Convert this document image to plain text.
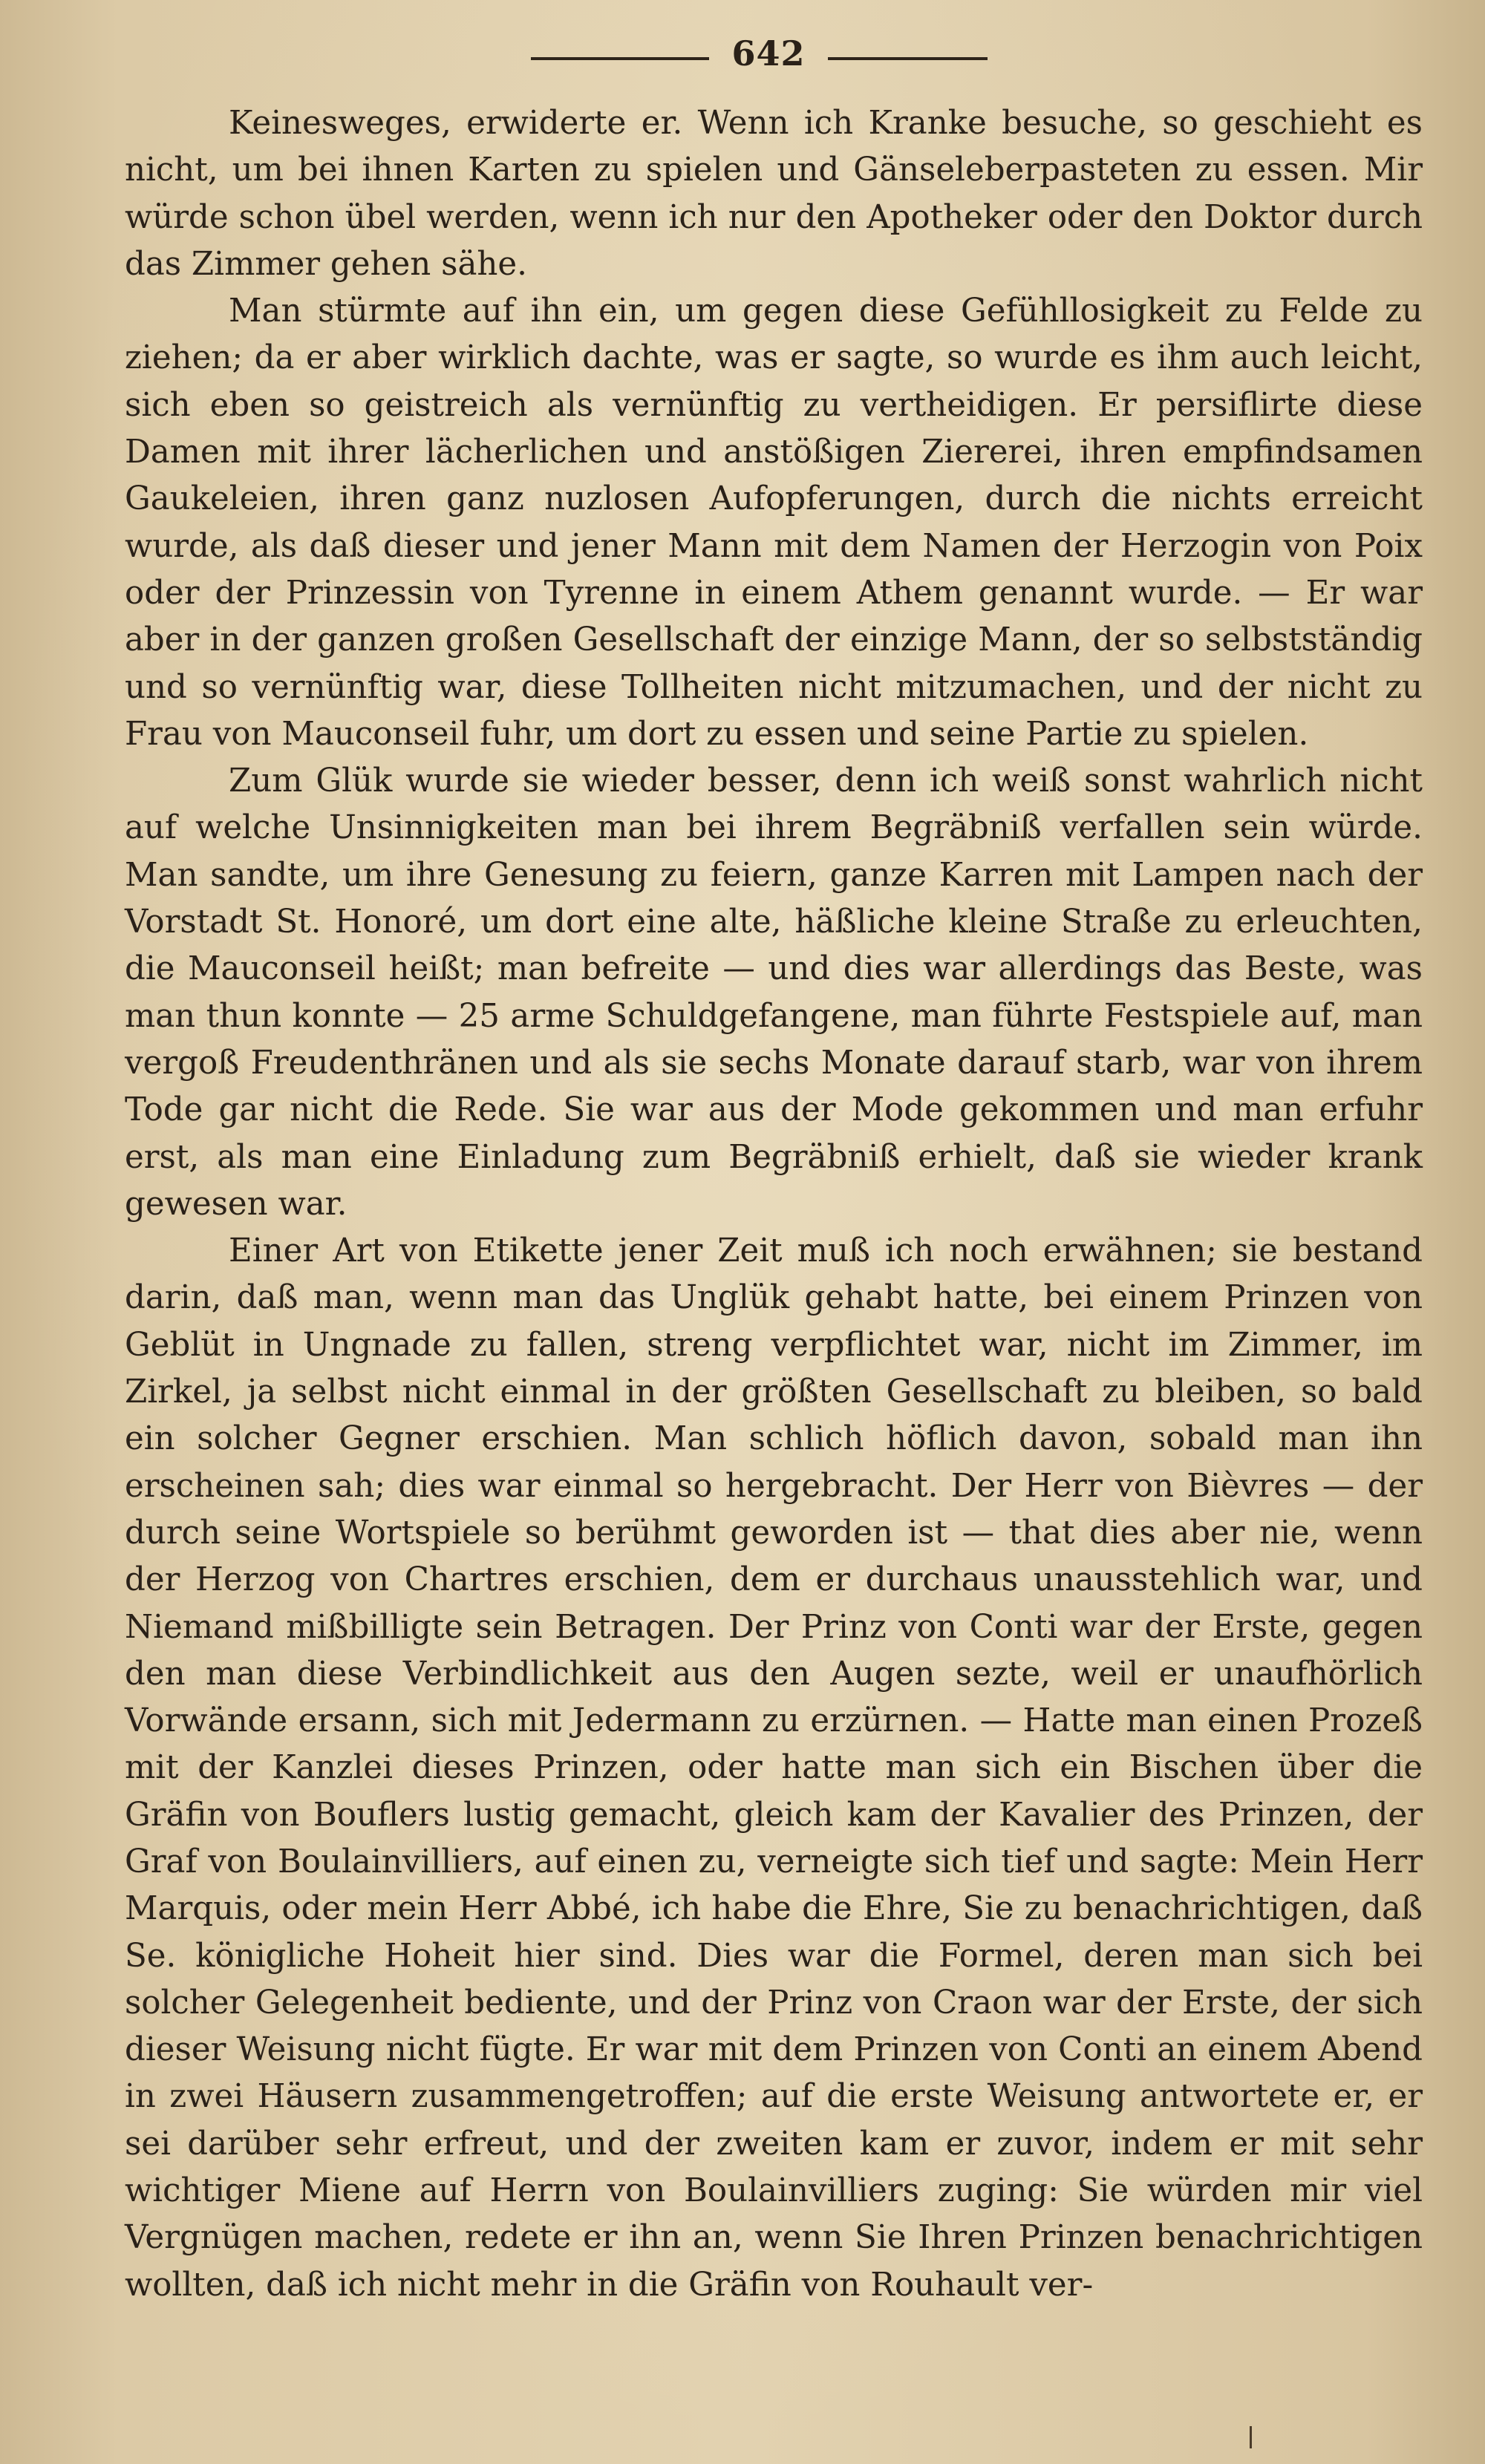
642

Keinesweges, erwiderte er. Wenn ich Kranke besuche, so geschieht es nicht, um bei ihnen Karten zu spielen und Gänseleberpasteten zu essen. Mir würde schon übel werden, wenn ich nur den Apotheker oder den Doktor durch das Zimmer gehen sähe.

Man stürmte auf ihn ein, um gegen diese Gefühllosigkeit zu Felde zu ziehen; da er aber wirklich dachte, was er sagte, so wurde es ihm auch leicht, sich eben so geistreich als vernünftig zu vertheidigen. Er persiflirte diese Damen mit ihrer lächerlichen und anstößigen Ziererei, ihren empfindsamen Gaukeleien, ihren ganz nuzlosen Aufopferungen, durch die nichts erreicht wurde, als daß dieser und jener Mann mit dem Namen der Herzogin von Poix oder der Prinzessin von Tyrenne in einem Athem genannt wurde. — Er war aber in der ganzen großen Gesellschaft der einzige Mann, der so selbstständig und so vernünftig war, diese Tollheiten nicht mitzumachen, und der nicht zu Frau von Mauconseil fuhr, um dort zu essen und seine Partie zu spielen.

Zum Glük wurde sie wieder besser, denn ich weiß sonst wahrlich nicht auf welche Unsinnigkeiten man bei ihrem Begräbniß verfallen sein würde. Man sandte, um ihre Genesung zu feiern, ganze Karren mit Lampen nach der Vorstadt St. Honoré, um dort eine alte, häßliche kleine Straße zu erleuchten, die Mauconseil heißt; man befreite — und dies war allerdings das Beste, was man thun konnte — 25 arme Schuldgefangene, man führte Festspiele auf, man vergoß Freudenthränen und als sie sechs Monate darauf starb, war von ihrem Tode gar nicht die Rede. Sie war aus der Mode gekommen und man erfuhr erst, als man eine Einladung zum Begräbniß erhielt, daß sie wieder krank gewesen war.

Einer Art von Etikette jener Zeit muß ich noch erwähnen; sie bestand darin, daß man, wenn man das Unglük gehabt hatte, bei einem Prinzen von Geblüt in Ungnade zu fallen, streng verpflichtet war, nicht im Zimmer, im Zirkel, ja selbst nicht einmal in der größten Gesellschaft zu bleiben, so bald ein solcher Gegner erschien. Man schlich höflich davon, sobald man ihn erscheinen sah; dies war einmal so hergebracht. Der Herr von Bièvres — der durch seine Wortspiele so berühmt geworden ist — that dies aber nie, wenn der Herzog von Chartres erschien, dem er durchaus unausstehlich war, und Niemand mißbilligte sein Betragen. Der Prinz von Conti war der Erste, gegen den man diese Verbindlichkeit aus den Augen sezte, weil er unaufhörlich Vorwände ersann, sich mit Jedermann zu erzürnen. — Hatte man einen Prozeß mit der Kanzlei dieses Prinzen, oder hatte man sich ein Bischen über die Gräfin von Bouflers lustig gemacht, gleich kam der Kavalier des Prinzen, der Graf von Boulainvilliers, auf einen zu, verneigte sich tief und sagte: Mein Herr Marquis, oder mein Herr Abbé, ich habe die Ehre, Sie zu benachrichtigen, daß Se. königliche Hoheit hier sind. Dies war die Formel, deren man sich bei solcher Gelegenheit bediente, und der Prinz von Craon war der Erste, der sich dieser Weisung nicht fügte. Er war mit dem Prinzen von Conti an einem Abend in zwei Häusern zusammengetroffen; auf die erste Weisung antwortete er, er sei darüber sehr erfreut, und der zweiten kam er zuvor, indem er mit sehr wichtiger Miene auf Herrn von Boulainvilliers zuging: Sie würden mir viel Vergnügen machen, redete er ihn an, wenn Sie Ihren Prinzen benachrichtigen wollten, daß ich nicht mehr in die Gräfin von Rouhault ver-
